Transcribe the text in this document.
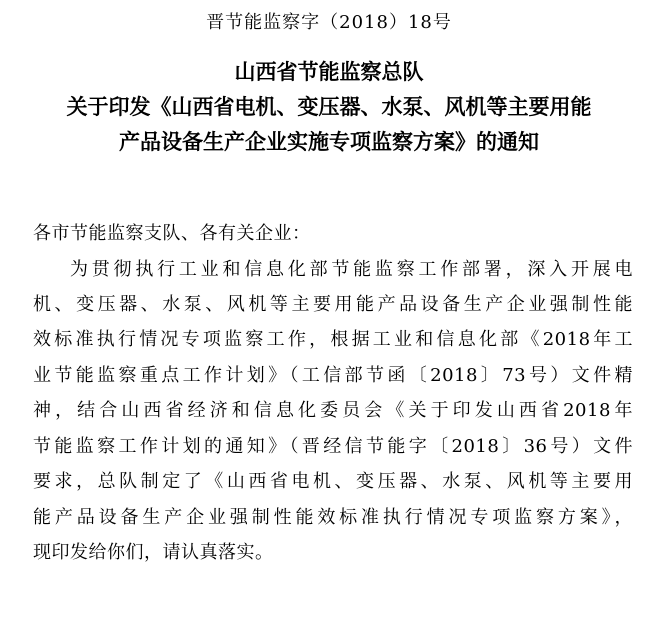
晋节能监察字（2018）18号
山西省节能监察总队
关于印发《山西省电机、变压器、水泵、风机等主要用能
产品设备生产企业实施专项监察方案》的通知
各市节能监察支队、各有关企业：
为贯彻执行工业和信息化部节能监察工作部署，深入开展电
机、变压器、水泵、风机等主要用能产品设备生产企业强制性能
效标准执行情况专项监察工作，根据工业和信息化部《2018年工
业节能监察重点工作计划》（工信部节函〔2018〕73号）文件精
神，结合山西省经济和信息化委员会《关于印发山西省2018年
节能监察工作计划的通知》（晋经信节能字〔2018〕36号）文件
要求，总队制定了《山西省电机、变压器、水泵、风机等主要用
能产品设备生产企业强制性能效标准执行情况专项监察方案》，
现印发给你们，请认真落实。
